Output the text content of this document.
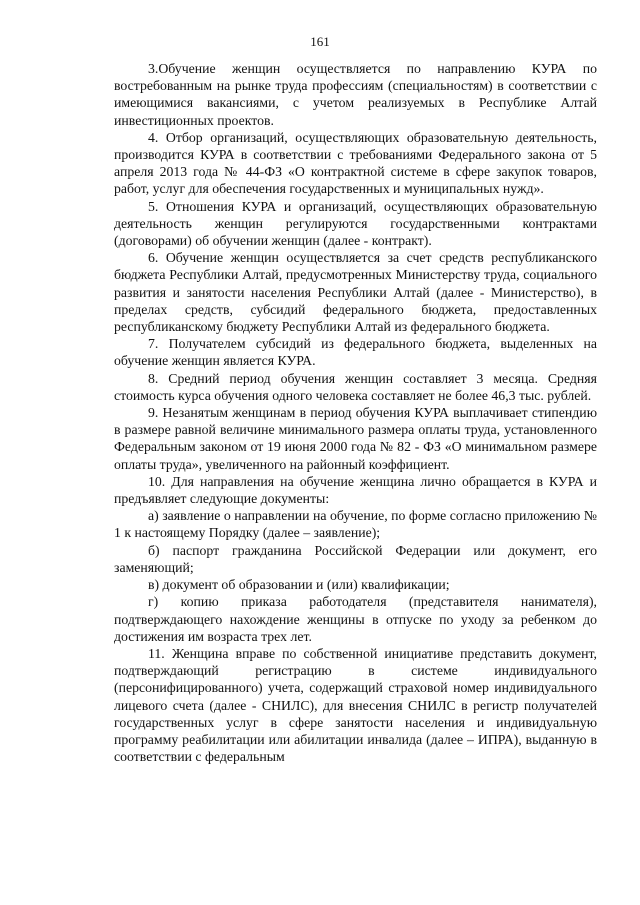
161

3.Обучение женщин осуществляется по направлению КУРА по востребованным на рынке труда профессиям (специальностям) в соответствии с имеющимися вакансиями, с учетом реализуемых в Республике Алтай инвестиционных проектов.

4. Отбор организаций, осуществляющих образовательную деятельность, производится КУРА в соответствии с требованиями Федерального закона от 5 апреля 2013 года № 44-ФЗ «О контрактной системе в сфере закупок товаров, работ, услуг для обеспечения государственных и муниципальных нужд».

5. Отношения КУРА и организаций, осуществляющих образовательную деятельность женщин регулируются государственными контрактами (договорами) об обучении женщин (далее - контракт).

6. Обучение женщин осуществляется за счет средств республиканского бюджета Республики Алтай, предусмотренных Министерству труда, социального развития и занятости населения Республики Алтай (далее - Министерство), в пределах средств, субсидий федерального бюджета, предоставленных республиканскому бюджету Республики Алтай из федерального бюджета.

7. Получателем субсидий из федерального бюджета, выделенных на обучение женщин является КУРА.

8. Средний период обучения женщин составляет 3 месяца. Средняя стоимость курса обучения одного человека составляет не более 46,3 тыс. рублей.

9. Незанятым женщинам в период обучения КУРА выплачивает стипендию в размере равной величине минимального размера оплаты труда, установленного Федеральным законом от 19 июня 2000 года № 82 - ФЗ «О минимальном размере оплаты труда», увеличенного на районный коэффициент.

10. Для направления на обучение женщина лично обращается в КУРА и предъявляет следующие документы:

а) заявление о направлении на обучение, по форме согласно приложению № 1 к настоящему Порядку (далее – заявление);

б) паспорт гражданина Российской Федерации или документ, его заменяющий;

в) документ об образовании и (или) квалификации;

г) копию приказа работодателя (представителя нанимателя), подтверждающего нахождение женщины в отпуске по уходу за ребенком до достижения им возраста трех лет.

11. Женщина вправе по собственной инициативе представить документ, подтверждающий регистрацию в системе индивидуального (персонифицированного) учета, содержащий страховой номер индивидуального лицевого счета (далее - СНИЛС), для внесения СНИЛС в регистр получателей государственных услуг в сфере занятости населения и индивидуальную программу реабилитации или абилитации инвалида (далее – ИПРА), выданную в соответствии с федеральным
